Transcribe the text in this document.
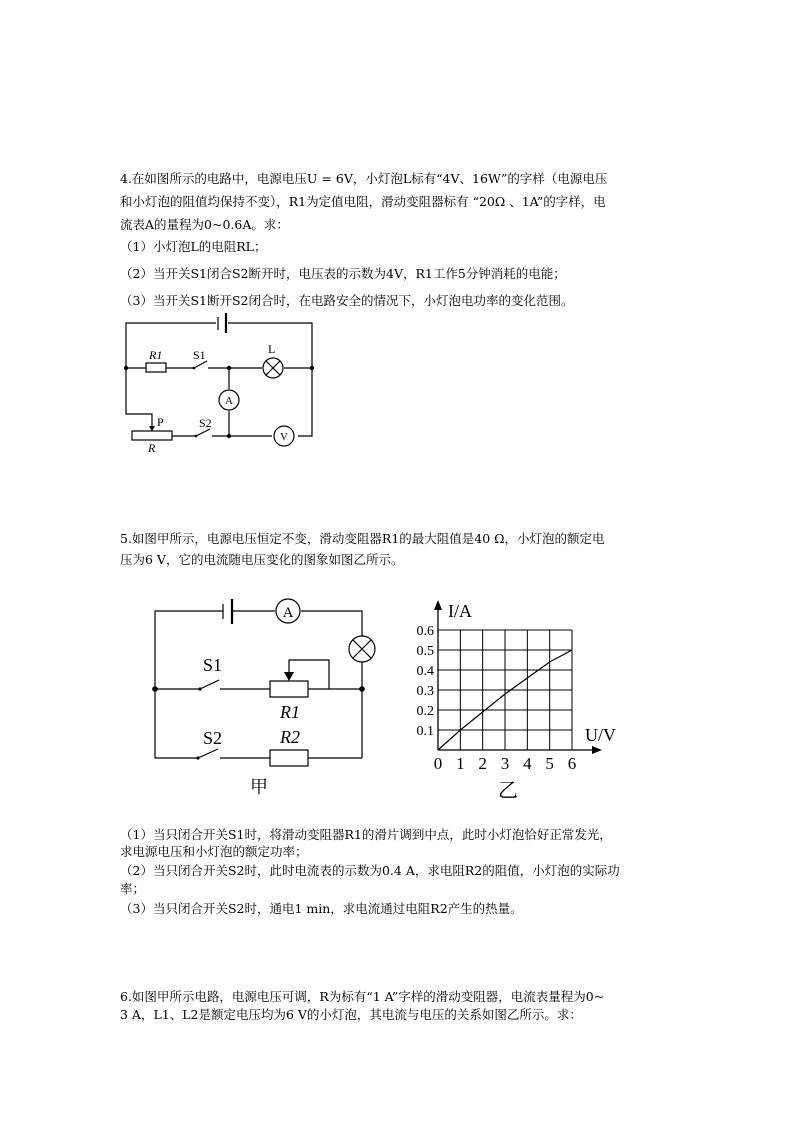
4.在如图所示的电路中，电源电压U = 6V，小灯泡L标有“4V、16W”的字样（电源电压
和小灯泡的阻值均保持不变），R1为定值电阻，滑动变阻器标有 “20Ω 、1A”的字样，电
流表A的量程为0~0.6A。求：
（1）小灯泡L的电阻RL；
（2）当开关S1闭合S2断开时，电压表的示数为4V，R1工作5分钟消耗的电能；
（3）当开关S1断开S2闭合时，在电路安全的情况下，小灯泡电功率的变化范围。
R1	S1	L
A
P
R
S2
V
5.如图甲所示，电源电压恒定不变，滑动变阻器R1的最大阻值是40 Ω，小灯泡的额定电
压为6 V，它的电流随电压变化的图象如图乙所示。
A
S1
R1
S2	R2
甲
0 1 2 3 4 5 6
0.1
0.2
0.3
0.4
0.5
0.6
I/A
U/V
乙
（1）当只闭合开关S1时，将滑动变阻器R1的滑片调到中点，此时小灯泡恰好正常发光，
求电源电压和小灯泡的额定功率；
（2）当只闭合开关S2时，此时电流表的示数为0.4 A，求电阻R2的阻值，小灯泡的实际功
率；
（3）当只闭合开关S2时，通电1 min，求电流通过电阻R2产生的热量。
6.如图甲所示电路，电源电压可调，R为标有“1 A”字样的滑动变阻器，电流表量程为0~
3 A，L1、L2是额定电压均为6 V的小灯泡，其电流与电压的关系如图乙所示。求：
